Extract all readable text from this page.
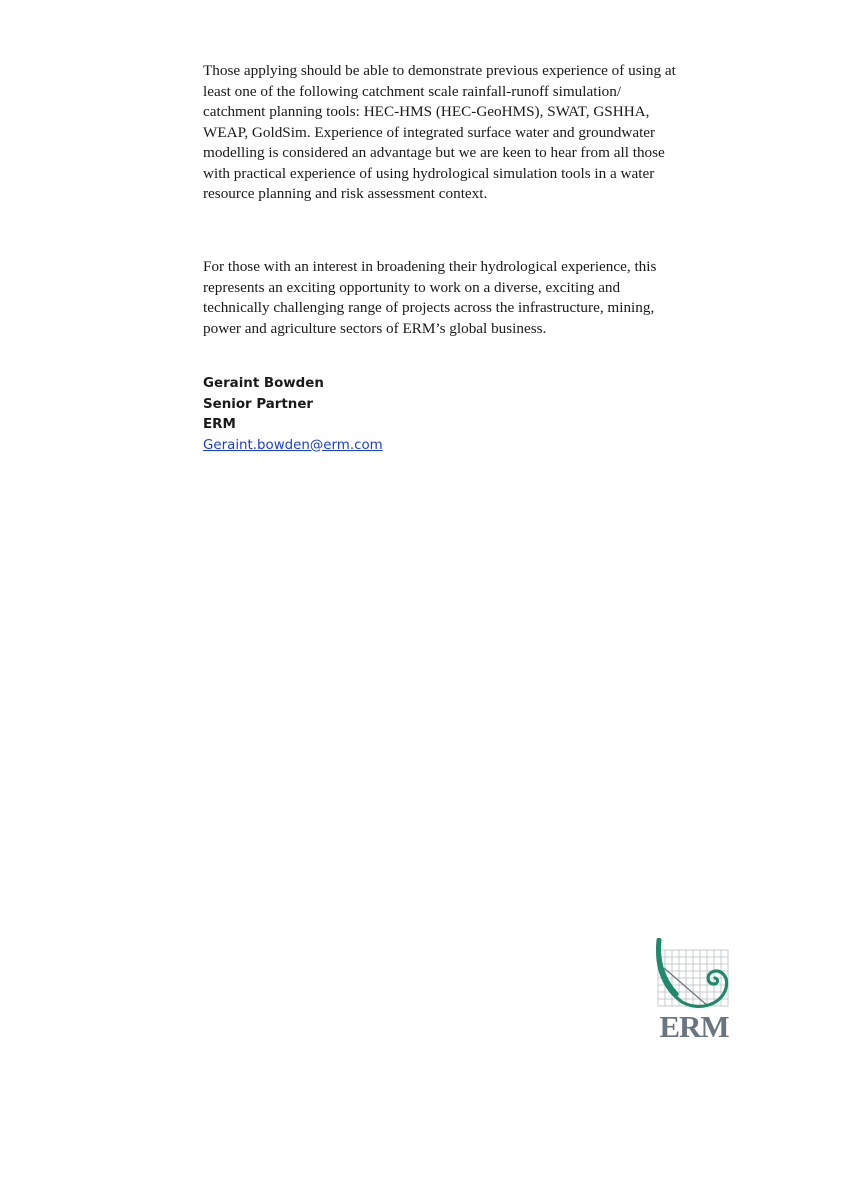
Those applying should be able to demonstrate previous experience of using at
least one of the following catchment scale rainfall-runoff simulation/
catchment planning tools: HEC-HMS (HEC-GeoHMS), SWAT, GSHHA,
WEAP, GoldSim. Experience of integrated surface water and groundwater
modelling is considered an advantage but we are keen to hear from all those
with practical experience of using hydrological simulation tools in a water
resource planning and risk assessment context.

For those with an interest in broadening their hydrological experience, this
represents an exciting opportunity to work on a diverse, exciting and
technically challenging range of projects across the infrastructure, mining,
power and agriculture sectors of ERM’s global business.

Geraint Bowden
Senior Partner
ERM
Geraint.bowden@erm.com
ERM
